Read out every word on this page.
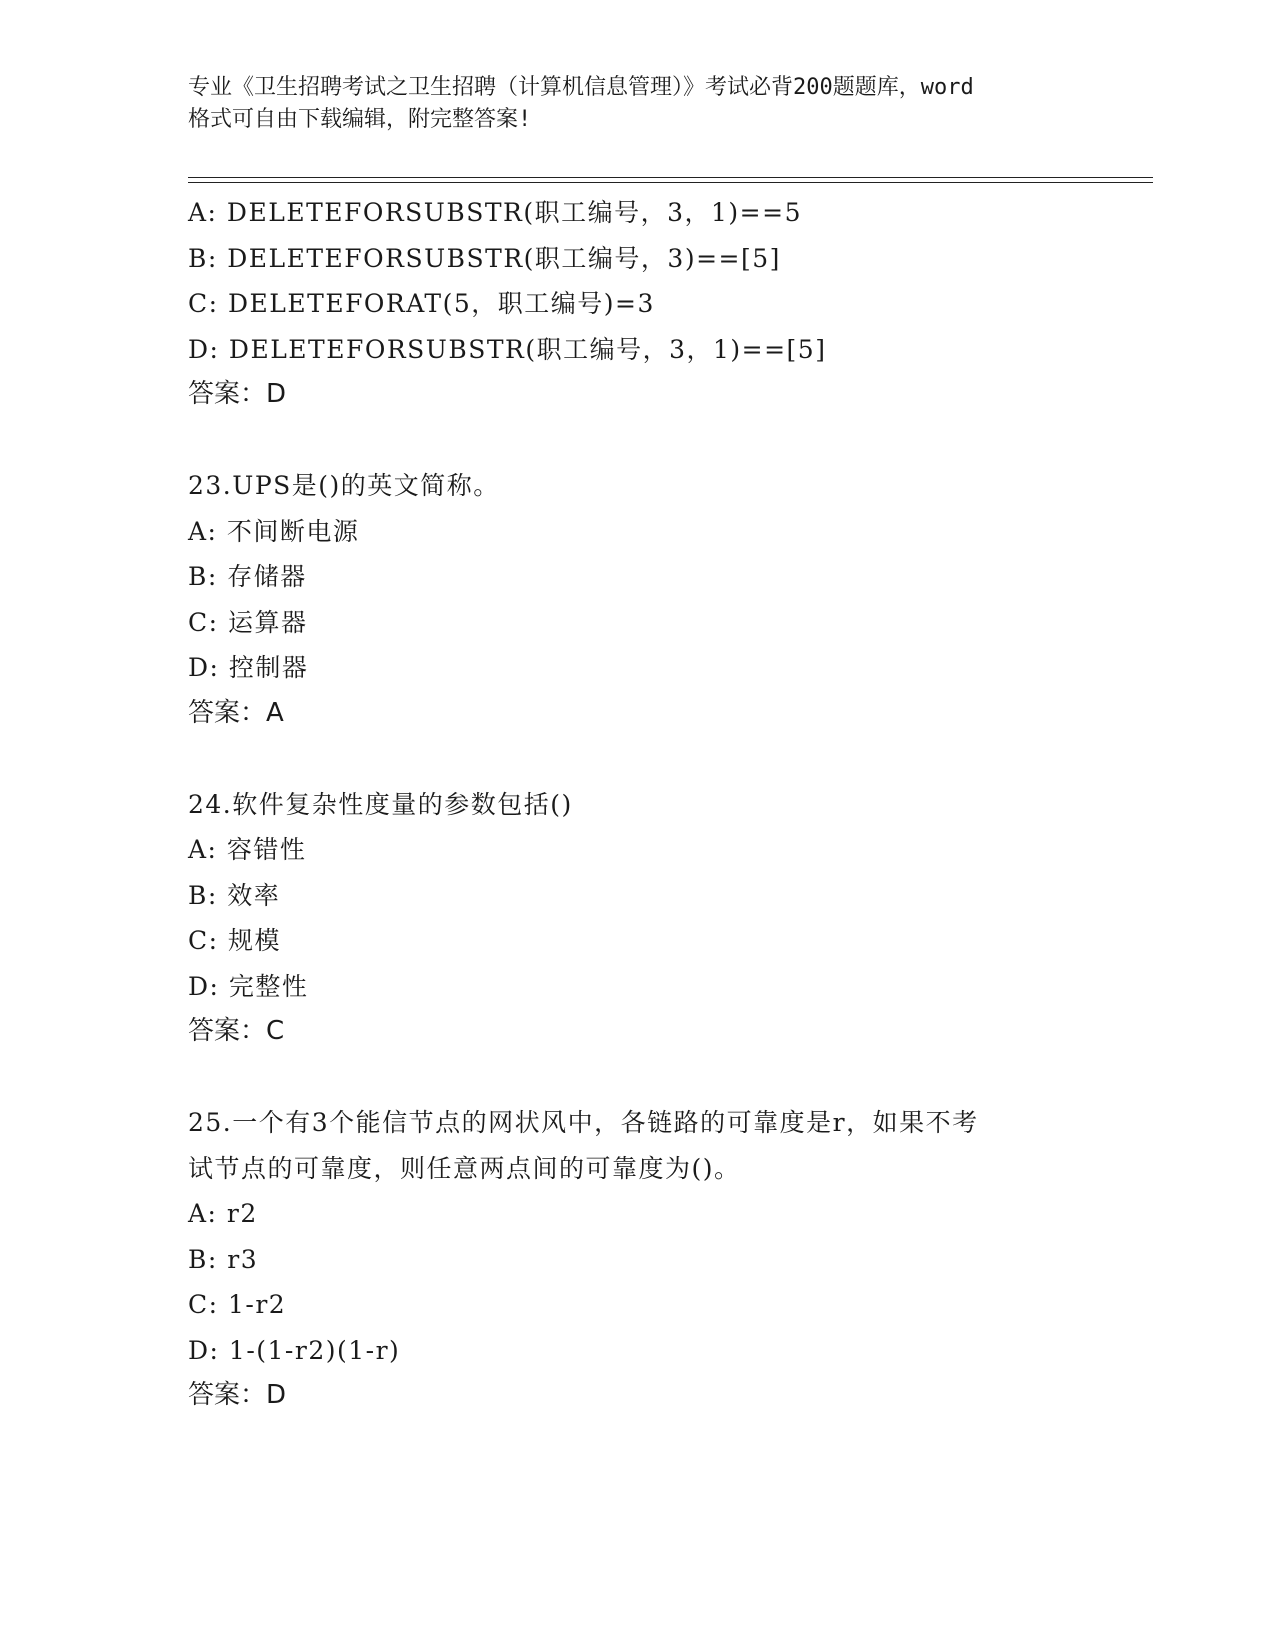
专业《卫生招聘考试之卫生招聘（计算机信息管理）》考试必背200题题库，word
格式可自由下载编辑，附完整答案!
A: DELETEFORSUBSTR(职工编号，3，1)==5
B: DELETEFORSUBSTR(职工编号，3)==[5]
C: DELETEFORAT(5，职工编号)=3
D: DELETEFORSUBSTR(职工编号，3，1)==[5]
答案：D
23.UPS是()的英文简称。
A: 不间断电源
B: 存储器
C: 运算器
D: 控制器
答案：A
24.软件复杂性度量的参数包括()
A: 容错性
B: 效率
C: 规模
D: 完整性
答案：C
25.一个有3个能信节点的网状风中，各链路的可靠度是r，如果不考
试节点的可靠度，则任意两点间的可靠度为()。
A: r2
B: r3
C: 1-r2
D: 1-(1-r2)(1-r)
答案：D
